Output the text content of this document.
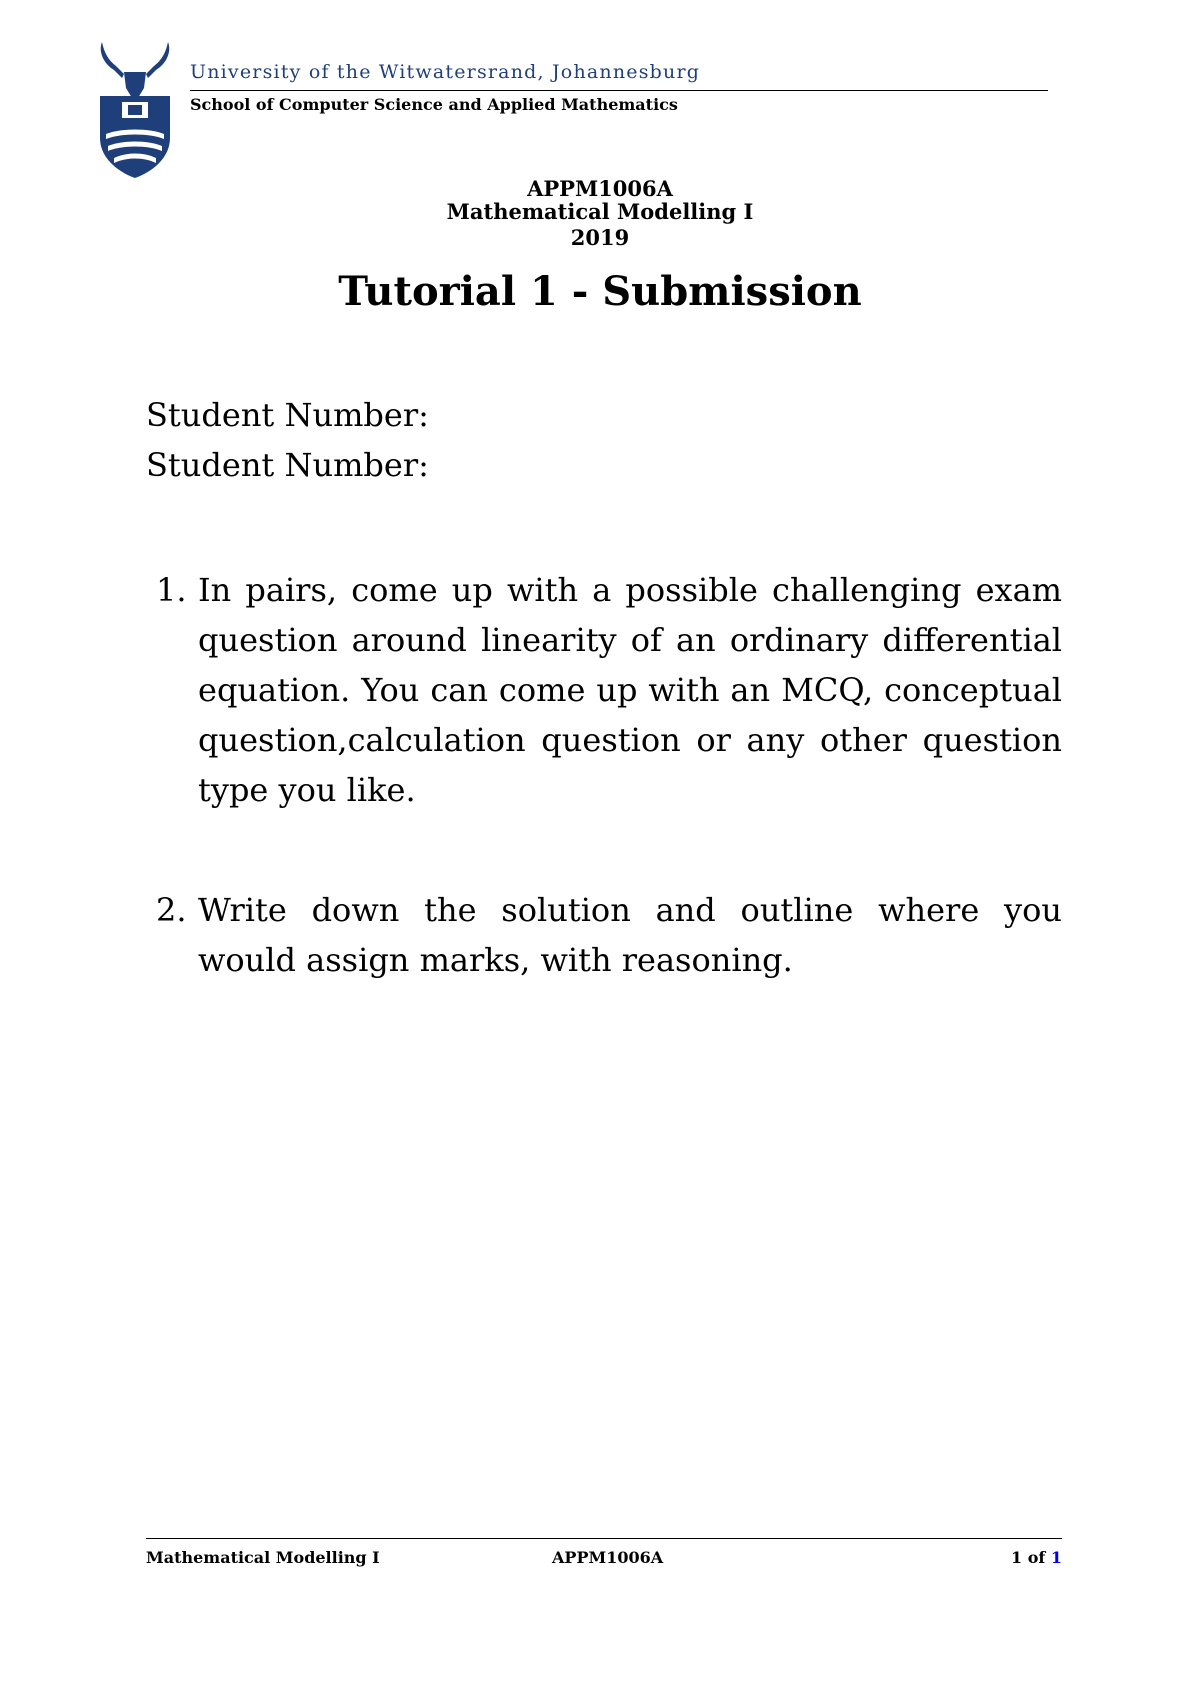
University of the Witwatersrand, Johannesburg
School of Computer Science and Applied Mathematics
APPM1006A
Mathematical Modelling I
2019
Tutorial 1 - Submission
Student Number:
Student Number:
1. In pairs, come up with a possible challenging exam question around linearity of an ordinary differential equation. You can come up with an MCQ, conceptual question,calculation question or any other question type you like.
2. Write down the solution and outline where you would assign marks, with reasoning.
Mathematical Modelling I	APPM1006A	1 of 1
